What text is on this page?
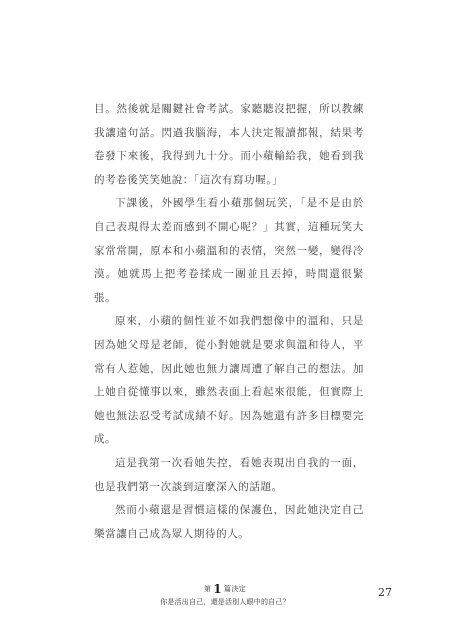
目。然後就是關鍵社會考試。家聽聽沒把握，所以教練我讓遠句話。閃過我腦海，本人決定報讀都報，結果考卷發下來後，我得到九十分。而小蘋輸給我，她看到我的考卷後笑笑她說：「這次有寫功喔。」

下課後，外國學生看小蘋那個玩笑，「是不是由於自己表現得太差而感到不開心呢？」其實，這種玩笑大家常常開，原本和小蘋溫和的表情，突然一變，變得冷漠。她就馬上把考卷揉成一團並且丟掉，時間還很緊張。

原來，小蘋的個性並不如我們想像中的溫和，只是因為她父母是老師，從小對她就是要求與溫和待人，平常有人惹她，因此她也無力讓周遭了解自己的想法。加上她自從懂事以來，雖然表面上看起來很能，但實際上她也無法忍受考試成績不好。因為她還有許多目標要完成。

這是我第一次看她失控，看她表現出自我的一面，也是我們第一次談到這麼深入的話題。

然而小蘋還是習慣這樣的保護色，因此她決定自己樂當讓自己成為眾人期待的人。

第 1 篇決定
你是活出自己，還是活別人眼中的自己？
27
